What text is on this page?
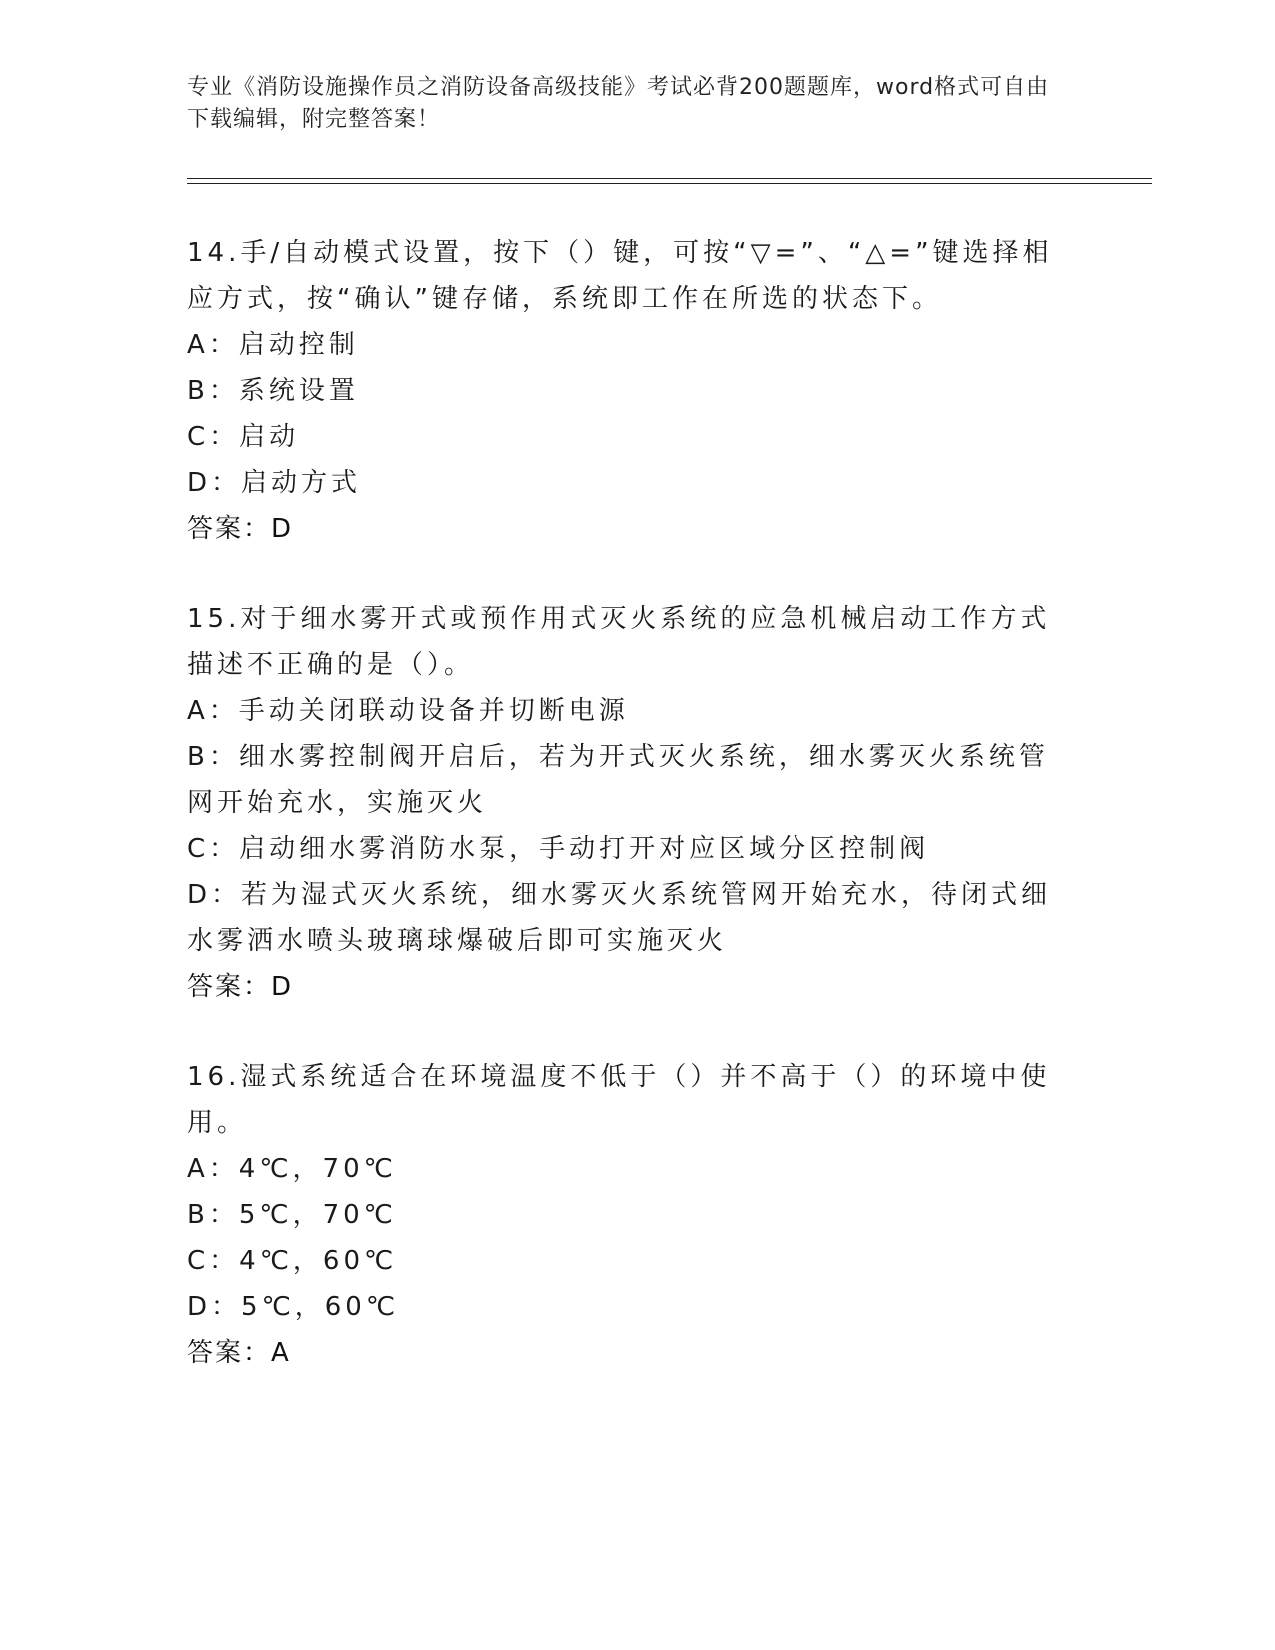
专业《消防设施操作员之消防设备高级技能》考试必背200题题库，word格式可自由下载编辑，附完整答案！

14.手/自动模式设置，按下（）键，可按“▽=”、“△=”键选择相应方式，按“确认”键存储，系统即工作在所选的状态下。

A：启动控制

B：系统设置

C：启动

D：启动方式

答案：D

15.对于细水雾开式或预作用式灭火系统的应急机械启动工作方式描述不正确的是（）。

A：手动关闭联动设备并切断电源

B：细水雾控制阀开启后，若为开式灭火系统，细水雾灭火系统管网开始充水，实施灭火

C：启动细水雾消防水泵，手动打开对应区域分区控制阀

D：若为湿式灭火系统，细水雾灭火系统管网开始充水，待闭式细水雾洒水喷头玻璃球爆破后即可实施灭火

答案：D

16.湿式系统适合在环境温度不低于（）并不高于（）的环境中使用。

A：4℃，70℃

B：5℃，70℃

C：4℃，60℃

D：5℃，60℃

答案：A
